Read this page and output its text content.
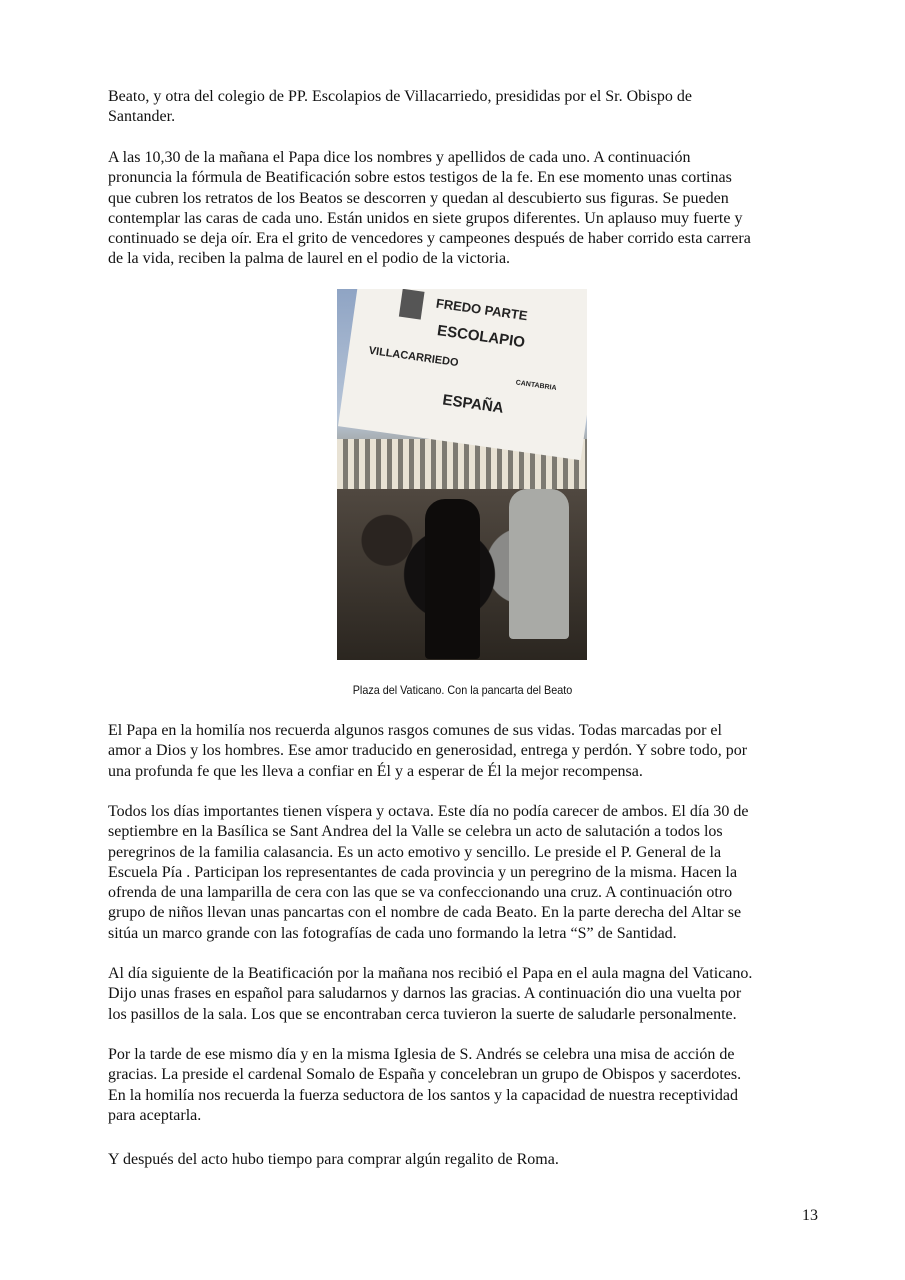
Beato, y otra del colegio de PP. Escolapios de Villacarriedo, presididas por el Sr. Obispo de
Santander.
A las 10,30 de la mañana el Papa dice los nombres y apellidos de cada uno. A continuación
pronuncia la fórmula de Beatificación sobre estos testigos de la fe. En ese momento unas cortinas
que cubren los retratos de los Beatos se descorren y quedan al descubierto sus figuras. Se pueden
contemplar las caras de cada uno. Están unidos en siete grupos diferentes. Un aplauso muy fuerte y
continuado se deja oír. Era el grito de vencedores y campeones después de haber corrido esta carrera
de la vida, reciben la palma de laurel en el podio de la victoria.
FREDO PARTE
ESCOLAPIO
VILLACARRIEDO
CANTABRIA
ESPAÑA
Plaza del Vaticano. Con la pancarta del Beato
El Papa en la homilía nos recuerda algunos rasgos comunes de sus vidas. Todas marcadas por el
amor a Dios y los hombres. Ese amor traducido en generosidad, entrega y perdón. Y sobre todo, por
una profunda fe que les lleva a confiar en Él y a esperar de Él la mejor recompensa.
Todos los días importantes tienen víspera y octava. Este día no podía carecer de ambos. El día 30 de
septiembre en la Basílica se Sant Andrea del la Valle se celebra un acto de salutación a todos los
peregrinos de la familia calasancia. Es un acto emotivo y sencillo. Le preside el P. General de la
Escuela Pía . Participan los representantes de cada provincia y un peregrino de la misma. Hacen la
ofrenda de una lamparilla de cera con las que se va confeccionando una cruz. A continuación otro
grupo de niños llevan unas pancartas con el nombre de cada Beato. En la parte derecha del Altar se
sitúa un marco grande con las fotografías de cada uno formando la letra “S” de Santidad.
Al día siguiente de la Beatificación por la mañana nos recibió el Papa en el aula magna del Vaticano.
Dijo unas frases en español para saludarnos y darnos las gracias. A continuación dio una vuelta por
los pasillos de la sala. Los que se encontraban cerca tuvieron la suerte de saludarle personalmente.
Por la tarde de ese mismo día y en la misma Iglesia de S. Andrés se celebra una misa de acción de
gracias. La preside el cardenal Somalo de España y concelebran un grupo de Obispos y sacerdotes.
En la homilía nos recuerda la fuerza seductora de los santos y la capacidad de nuestra receptividad
para aceptarla.
Y después del acto hubo tiempo para comprar algún regalito de Roma.
13
